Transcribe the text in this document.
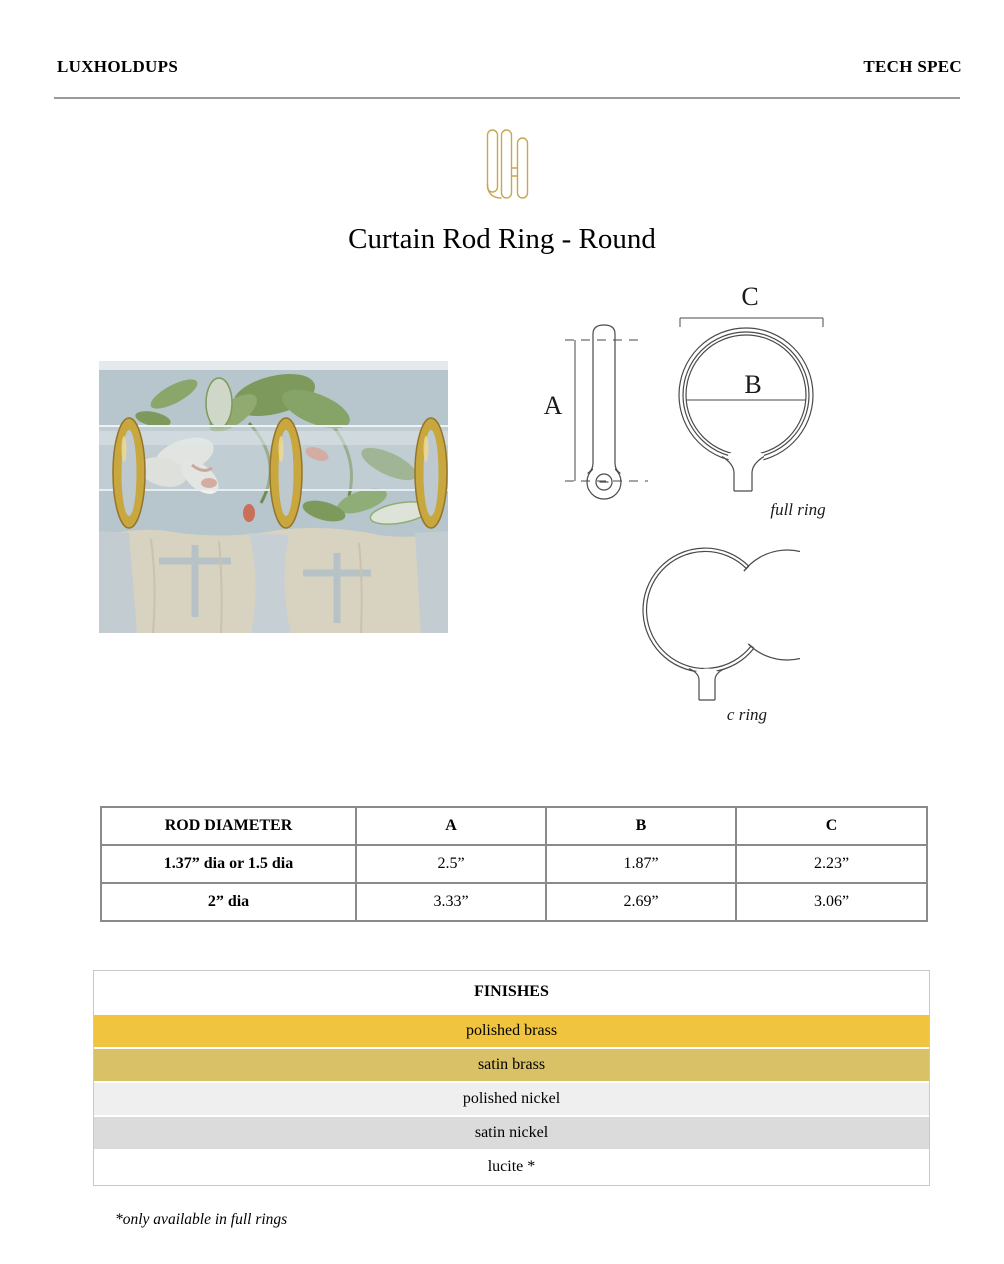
LUXHOLDUPS	TECH SPEC
Curtain Rod Ring - Round
A
C
B
full ring
c ring
ROD DIAMETER	A	B	C
1.37” dia or 1.5 dia	2.5”	1.87”	2.23”
2” dia	3.33”	2.69”	3.06”
FINISHES
polished brass
satin brass
polished nickel
satin nickel
lucite *
*only available in full rings
